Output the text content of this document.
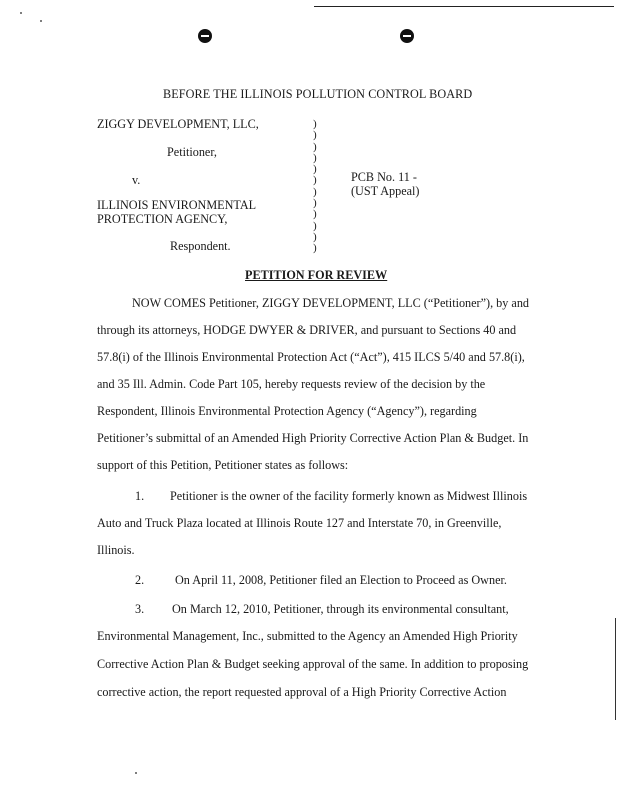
BEFORE THE ILLINOIS POLLUTION CONTROL BOARD
ZIGGY DEVELOPMENT, LLC,
Petitioner,
v.
ILLINOIS ENVIRONMENTAL
PROTECTION AGENCY,
Respondent.
)
)
)
)
)
)
)
)
)
)
)
)
PCB No. 11 -
(UST Appeal)
PETITION FOR REVIEW
NOW COMES Petitioner, ZIGGY DEVELOPMENT, LLC (“Petitioner”), by and
through its attorneys, HODGE DWYER & DRIVER, and pursuant to Sections 40 and
57.8(i) of the Illinois Environmental Protection Act (“Act”), 415 ILCS 5/40 and 57.8(i),
and 35 Ill. Admin. Code Part 105, hereby requests review of the decision by the
Respondent, Illinois Environmental Protection Agency (“Agency”), regarding
Petitioner’s submittal of an Amended High Priority Corrective Action Plan & Budget. In
support of this Petition, Petitioner states as follows:
1. Petitioner is the owner of the facility formerly known as Midwest Illinois
Auto and Truck Plaza located at Illinois Route 127 and Interstate 70, in Greenville,
Illinois.
2.	On April 11, 2008, Petitioner filed an Election to Proceed as Owner.
3. On March 12, 2010, Petitioner, through its environmental consultant,
Environmental Management, Inc., submitted to the Agency an Amended High Priority
Corrective Action Plan & Budget seeking approval of the same. In addition to proposing
corrective action, the report requested approval of a High Priority Corrective Action
